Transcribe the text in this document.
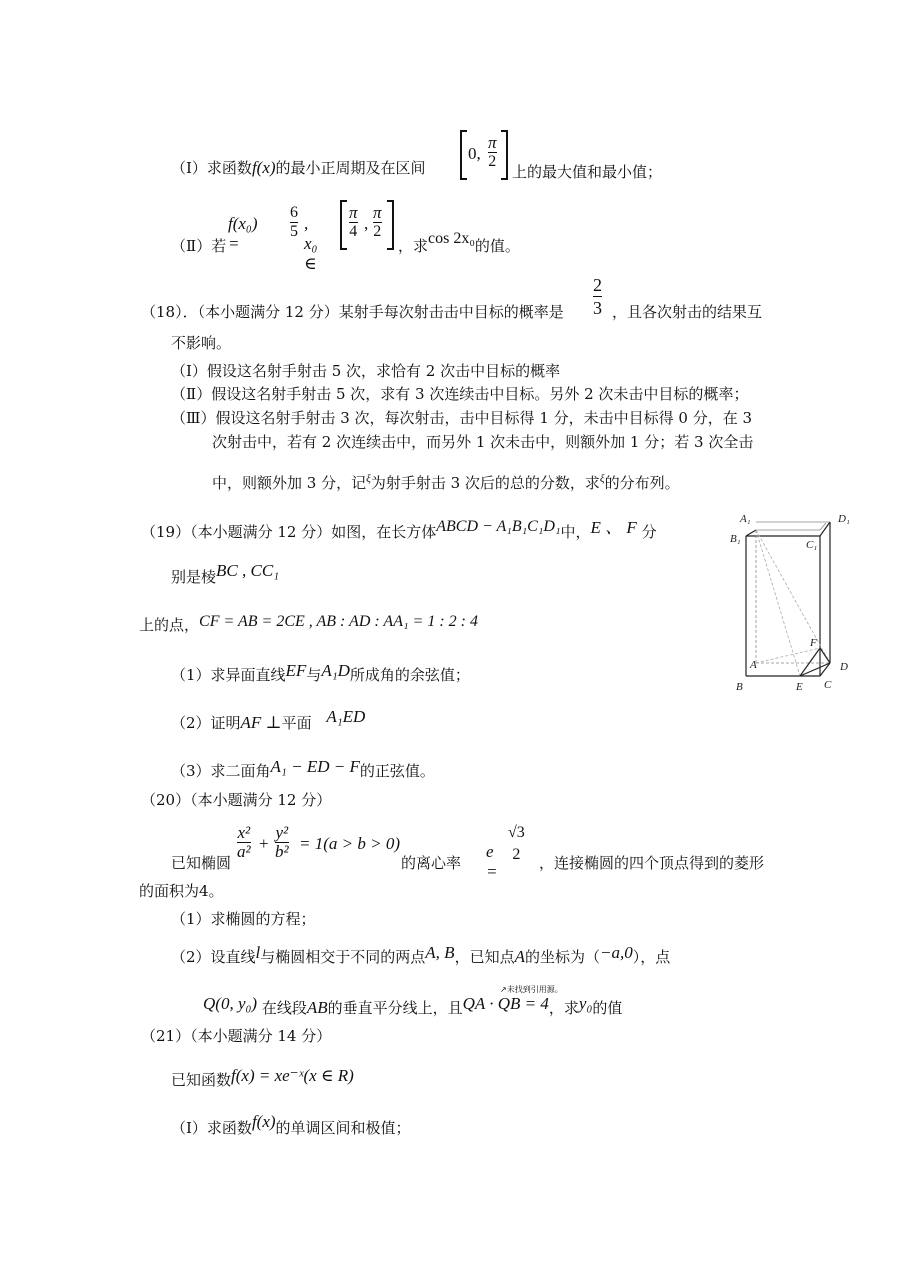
（Ⅰ）求函数f(x)的最小正周期及在区间
0,
π
2
上的最大值和最小值；
f(x₀) =
6
5 , x₀ ∈
π
4 ,
π
2
（Ⅱ）若	，求cos 2x₀的值。
（18）．（本小题满分 12 分）某射手每次射击击中目标的概率是
2
3 ，且各次射击的结果互
不影响。
（Ⅰ）假设这名射手射击 5 次，求恰有 2 次击中目标的概率
（Ⅱ）假设这名射手射击 5 次，求有 3 次连续击中目标。另外 2 次未击中目标的概率；
（Ⅲ）假设这名射手射击 3 次，每次射击，击中目标得 1 分，未击中目标得 0 分，在 3
次射击中，若有 2 次连续击中，而另外 1 次未击中，则额外加 1 分；若 3 次全击
中，则额外加 3 分，记$^\xi$为射手射击 3 次后的总的分数，求$^\xi$的分布列。
（19）（本小题满分 12 分）如图，在长方体ABCD − A₁B₁C₁D₁中，E 、 F 分
别是棱BC , CC₁
上的点，CF = AB = 2CE , AB : AD : AA₁ = 1 : 2 : 4
（1）求异面直线EF与A₁D所成角的余弦值；
（2）证明AF ⊥平面 A₁ED
（3）求二面角A₁ − ED − F的正弦值。
A₁	D₁
B₁	C₁
A
B	C
D
E
F
（20）（本小题满分 12 分）
已知椭圆
x²
a² +
y²
b² = 1(a > b > 0)
的离心率
e =
√3
2 ，连接椭圆的四个顶点得到的菱形
的面积为4。
（1）求椭圆的方程；
（2）设直线l与椭圆相交于不同的两点A, B，已知点A的坐标为（−a,0），点
Q(0, y₀) 在线段AB的垂直平分线上，且QA · QB = 4，求y₀的值
↗未找到引用源。
（21）（本小题满分 14 分）
已知函数f(x) = xe⁻ˣ(x ∈ R)
（Ⅰ）求函数f(x)的单调区间和极值；
